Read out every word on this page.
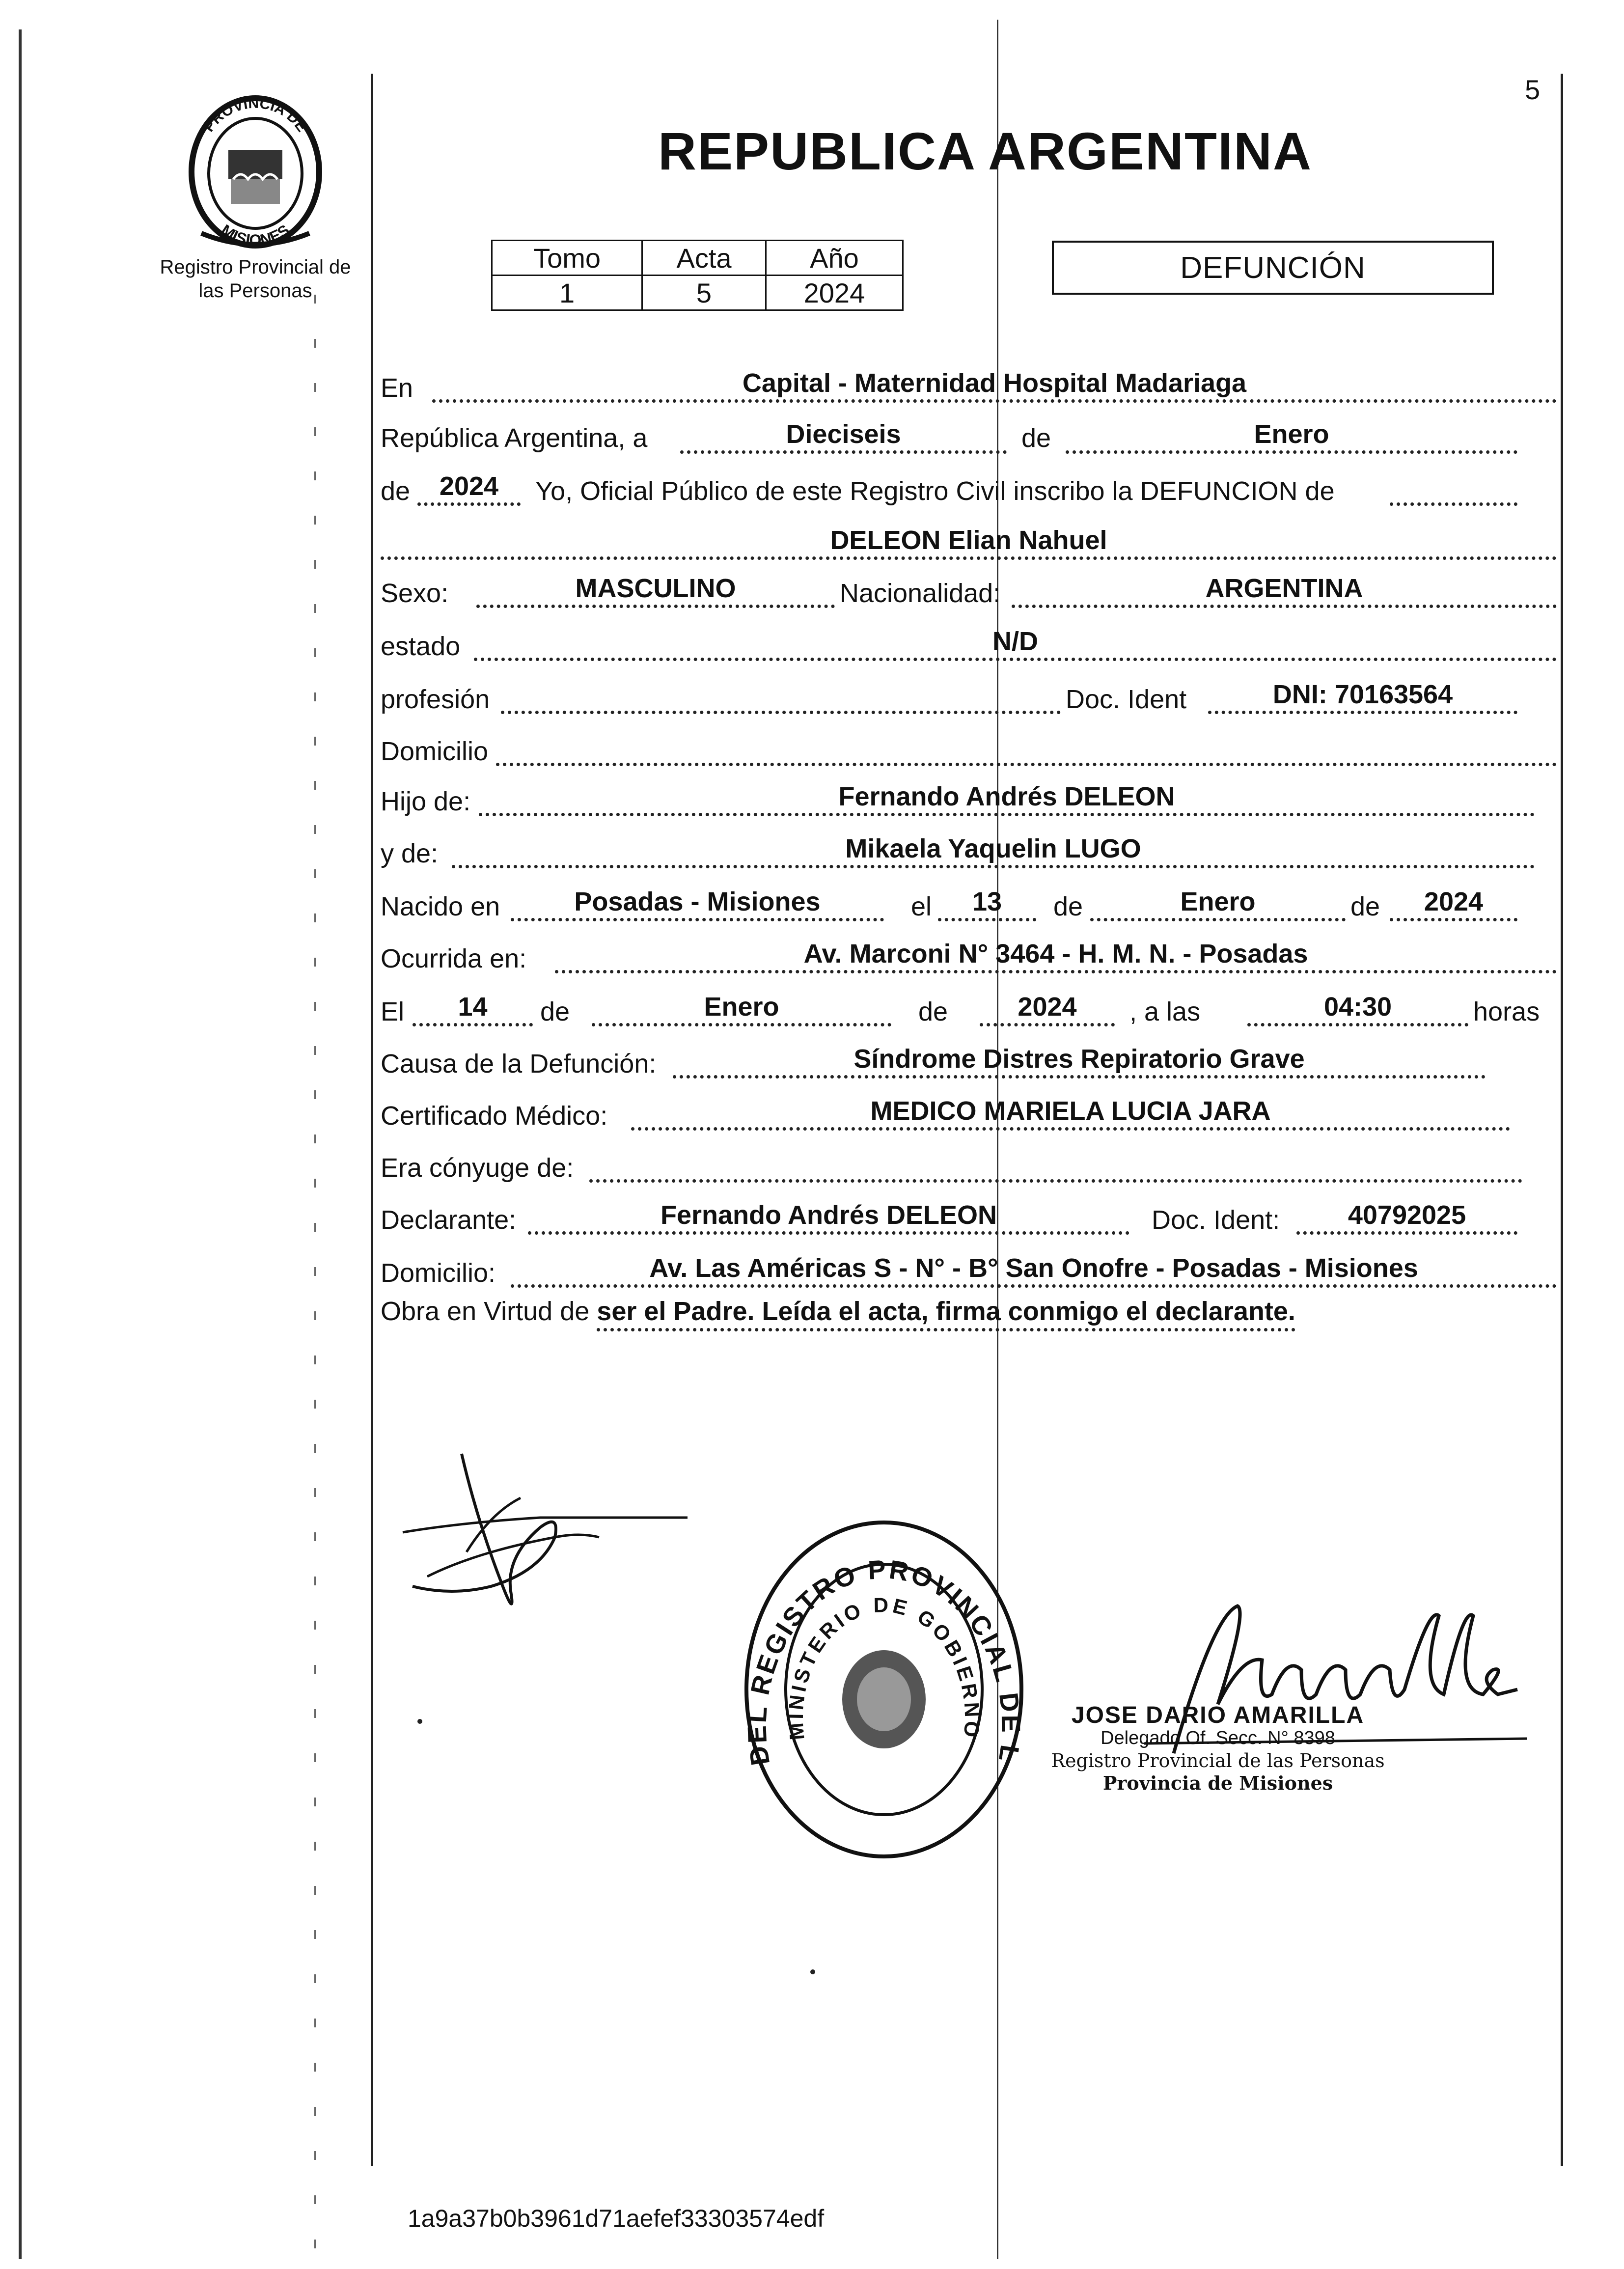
5
PROVINCIA DE
MISIONES
Registro Provincial de
las Personas
REPUBLICA ARGENTINA
Tomo	Acta	Año
1	5	2024
DEFUNCIÓN
En	Capital - Maternidad Hospital Madariaga
República Argentina, a	Dieciseis	de	Enero
de	2024	Yo, Oficial Público de este Registro Civil inscribo la DEFUNCION de
DELEON Elian Nahuel
Sexo:	MASCULINO	Nacionalidad:	ARGENTINA
estado	N/D
profesión	Doc. Ident	DNI: 70163564
Domicilio
Hijo de:	Fernando Andrés DELEON
y de:	Mikaela Yaquelin LUGO
Nacido en	Posadas - Misiones	el	13	de	Enero	de	2024
Ocurrida en:	Av. Marconi N° 3464 - H. M. N. - Posadas
El	14	de	Enero	de	2024	, a las	04:30	horas
Causa de la Defunción:	Síndrome Distres Repiratorio Grave
Certificado Médico:	MEDICO MARIELA LUCIA JARA
Era cónyuge de:
Declarante:	Fernando Andrés DELEON	Doc. Ident:	40792025
Domicilio:	Av. Las Américas S - N° - B° San Onofre - Posadas - Misiones
Obra en Virtud de ser el Padre. Leída el acta, firma conmigo el declarante.
DEL REGISTRO PROVINCIAL DE L
MINISTERIO DE GOBIERNO
JOSE DARIO AMARILLA
Delegado Of. Secc. N° 8398
Registro Provincial de las Personas
Provincia de Misiones
1a9a37b0b3961d71aefef33303574edf
